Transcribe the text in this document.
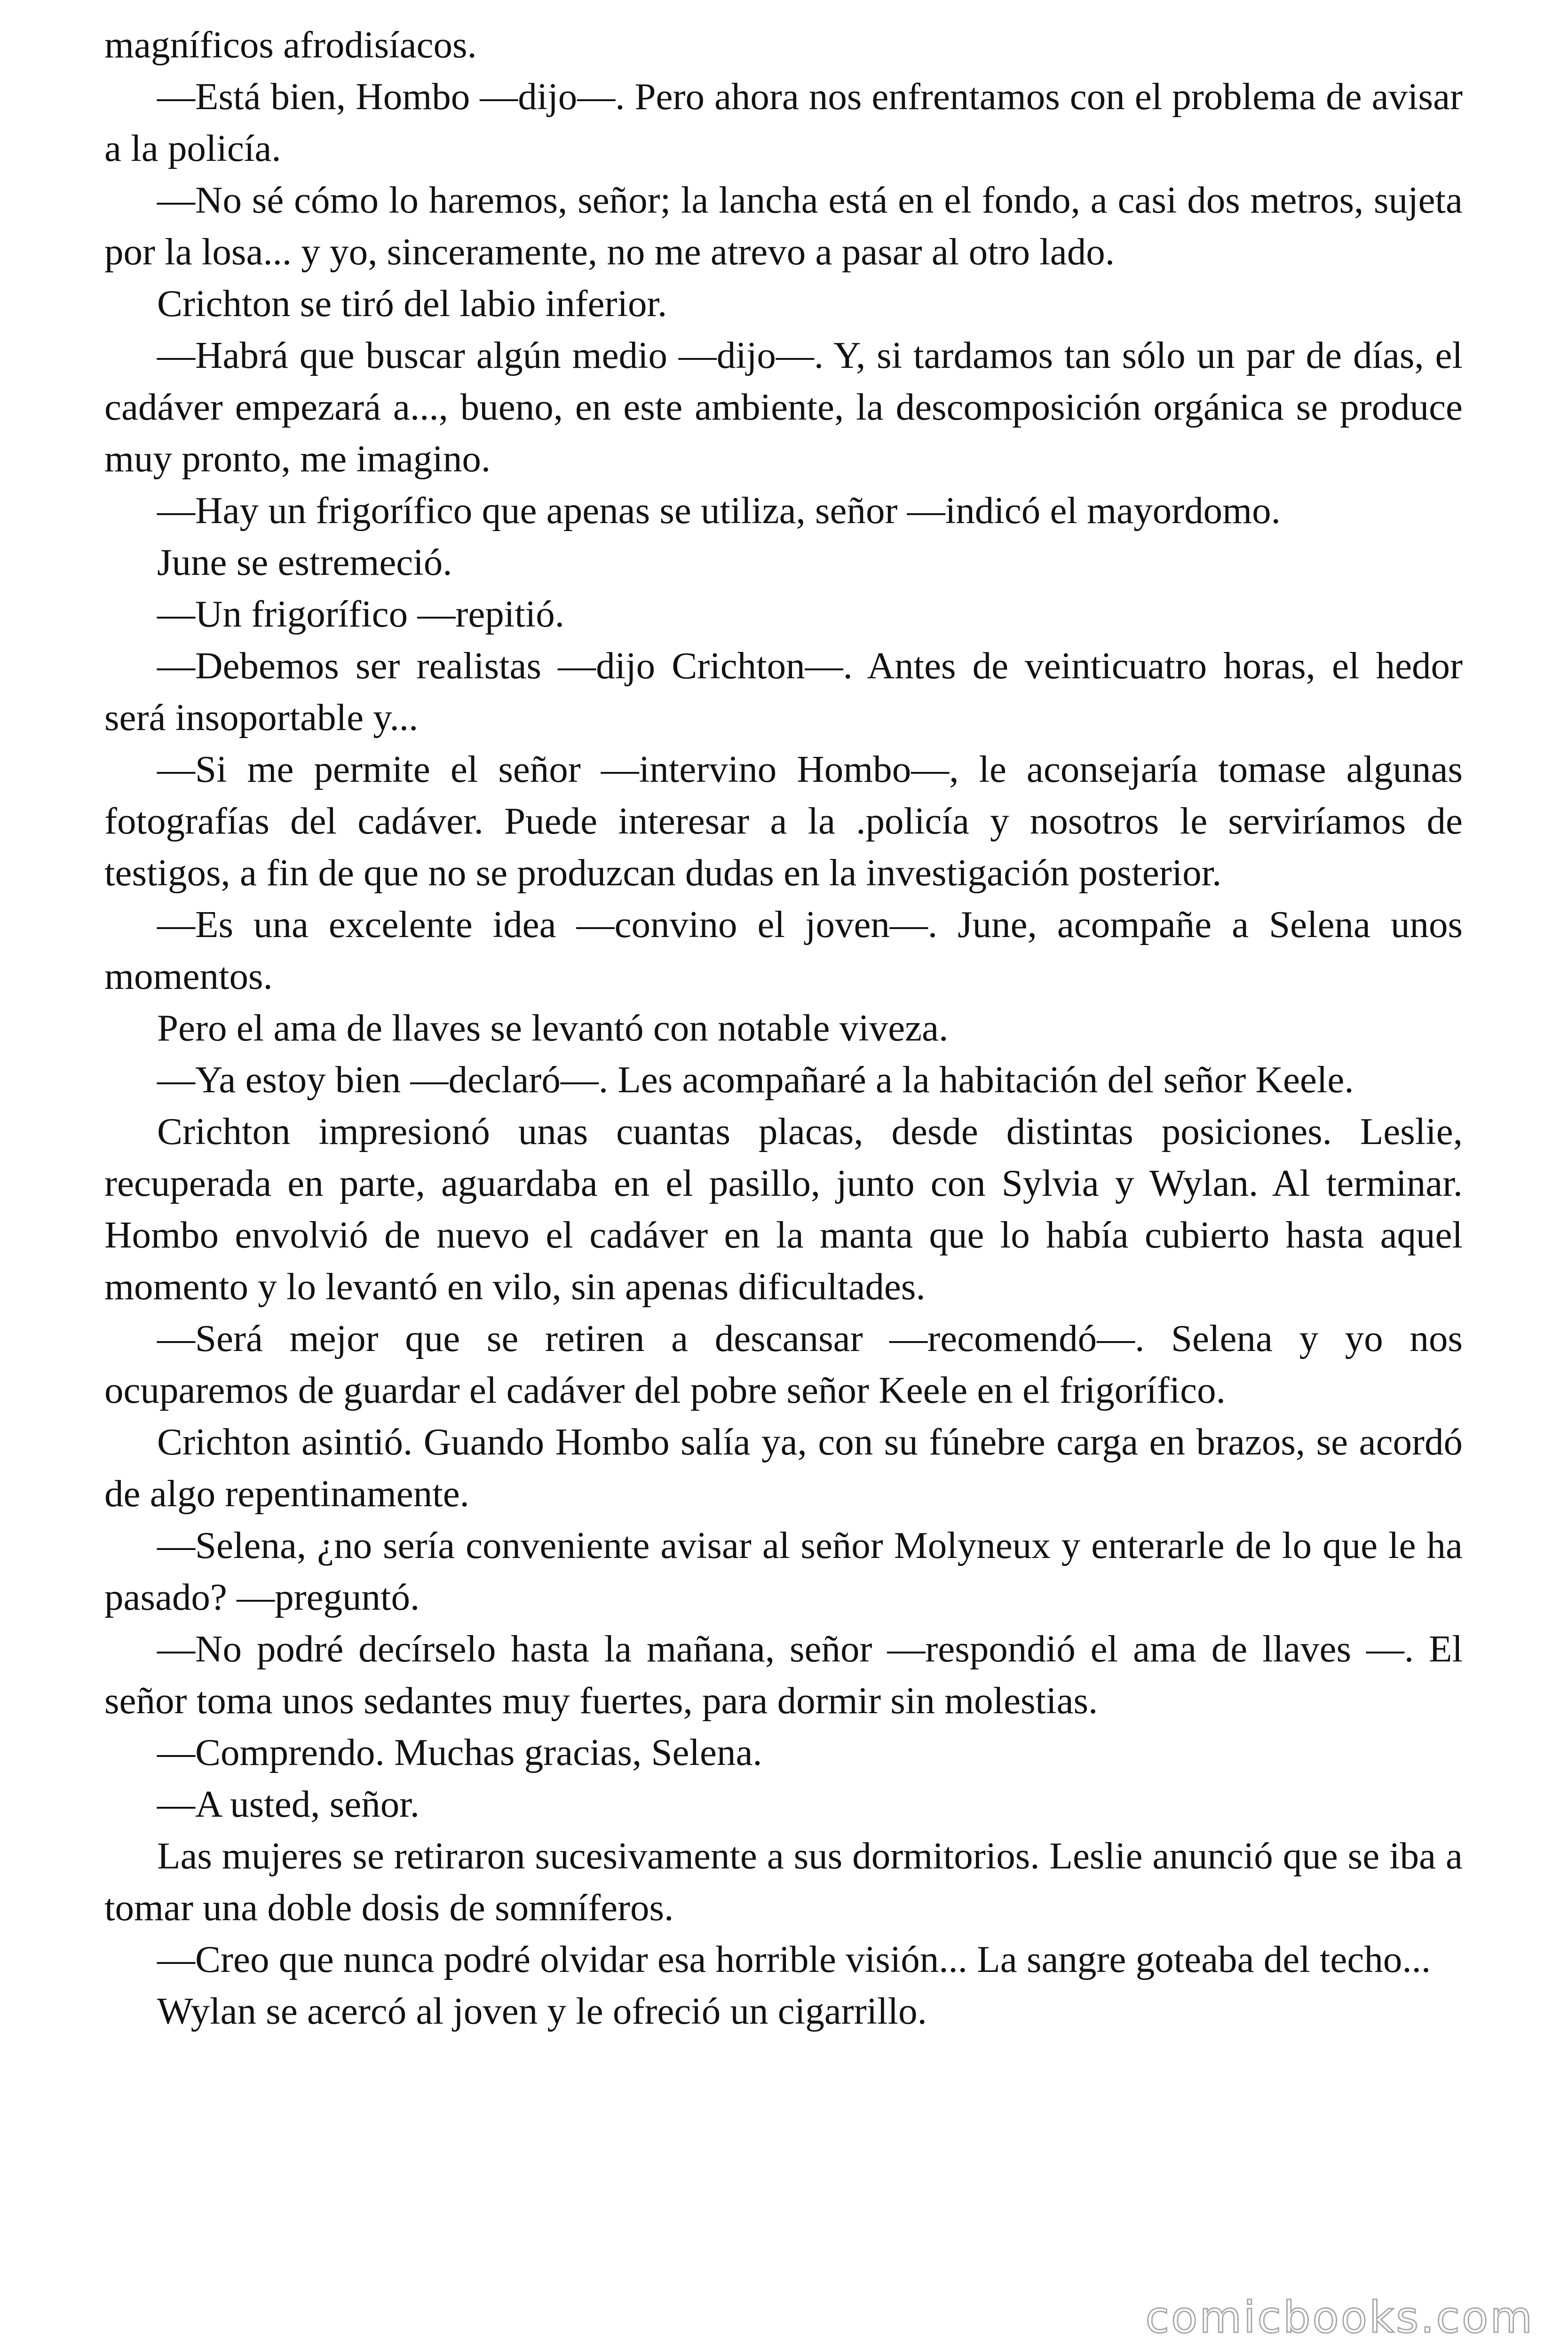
magníficos afrodisíacos.

—Está bien, Hombo —dijo—. Pero ahora nos enfrentamos con el problema de avisar a la policía.

—No sé cómo lo haremos, señor; la lancha está en el fondo, a casi dos metros, sujeta por la losa... y yo, sinceramente, no me atrevo a pasar al otro lado.

Crichton se tiró del labio inferior.

—Habrá que buscar algún medio —dijo—. Y, si tardamos tan sólo un par de días, el cadáver empezará a..., bueno, en este ambiente, la descomposición orgánica se produce muy pronto, me imagino.

—Hay un frigorífico que apenas se utiliza, señor —indicó el mayordomo.

June se estremeció.

—Un frigorífico —repitió.

—Debemos ser realistas —dijo Crichton—. Antes de veinticuatro horas, el hedor será insoportable y...

—Si me permite el señor —intervino Hombo—, le aconsejaría tomase algunas fotografías del cadáver. Puede interesar a la .policía y nosotros le serviríamos de testigos, a fin de que no se produzcan dudas en la investigación posterior.

—Es una excelente idea —convino el joven—. June, acompañe a Selena unos momentos.

Pero el ama de llaves se levantó con notable viveza.

—Ya estoy bien —declaró—. Les acompañaré a la habitación del señor Keele.

Crichton impresionó unas cuantas placas, desde distintas posiciones. Leslie, recuperada en parte, aguardaba en el pasillo, junto con Sylvia y Wylan. Al terminar. Hombo envolvió de nuevo el cadáver en la manta que lo había cubierto hasta aquel momento y lo levantó en vilo, sin apenas dificultades.

—Será mejor que se retiren a descansar —recomendó—. Selena y yo nos ocuparemos de guardar el cadáver del pobre señor Keele en el frigorífico.

Crichton asintió. Guando Hombo salía ya, con su fúnebre carga en brazos, se acordó de algo repentinamente.

—Selena, ¿no sería conveniente avisar al señor Molyneux y enterarle de lo que le ha pasado? —preguntó.

—No podré decírselo hasta la mañana, señor —respondió el ama de llaves —. El señor toma unos sedantes muy fuertes, para dormir sin molestias.

—Comprendo. Muchas gracias, Selena.

—A usted, señor.

Las mujeres se retiraron sucesivamente a sus dormitorios. Leslie anunció que se iba a tomar una doble dosis de somníferos.

—Creo que nunca podré olvidar esa horrible visión... La sangre goteaba del techo...

Wylan se acercó al joven y le ofreció un cigarrillo.

comicbooks.com
